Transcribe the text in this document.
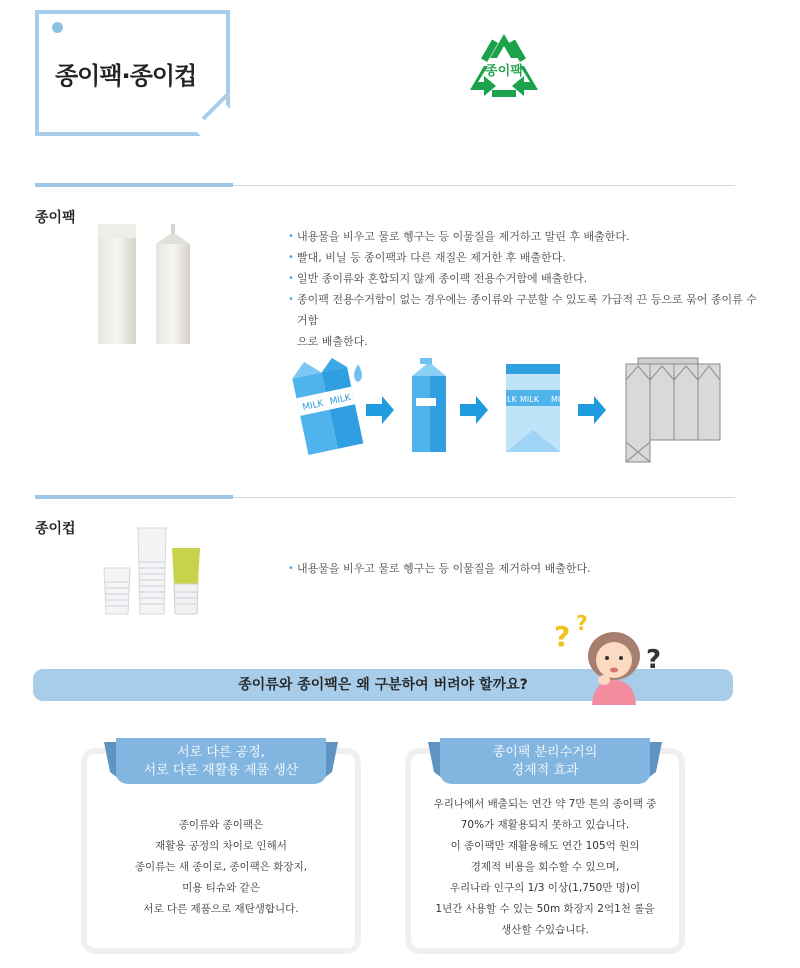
종이팩·종이컵	종이팩
종이팩
• 내용물을 비우고 물로 헹구는 등 이물질을 제거하고 말린 후 배출한다.
• 빨대, 비닐 등 종이팩과 다른 재질은 제거한 후 배출한다.
• 일반 종이류와 혼합되지 않게 종이팩 전용수거함에 배출한다.
• 종이팩 전용수거함이 없는 경우에는 종이류와 구분할 수 있도록 가급적 끈 등으로 묶어 종이류 수거함
으로 배출한다.
MILK MILK	LK MILK MI
종이컵
• 내용물을 비우고 물로 헹구는 등 이물질을 제거하여 배출한다.
종이류와 종이팩은 왜 구분하여 버려야 할까요?
? ?
?
서로 다른 공정,
서로 다른 재활용 제품 생산
종이류와 종이팩은
재활용 공정의 차이로 인해서
종이류는 새 종이로, 종이팩은 화장지,
미용 티슈와 같은
서로 다른 제품으로 재탄생합니다.
종이팩 분리수거의
경제적 효과
우리나에서 배출되는 연간 약 7만 톤의 종이팩 중
70%가 재활용되지 못하고 있습니다.
이 종이팩만 재활용해도 연간 105억 원의
경제적 비용을 회수할 수 있으며,
우리나라 인구의 1/3 이상(1,750만 명)이
1년간 사용할 수 있는 50m 화장지 2억1천 롤을
생산할 수있습니다.
